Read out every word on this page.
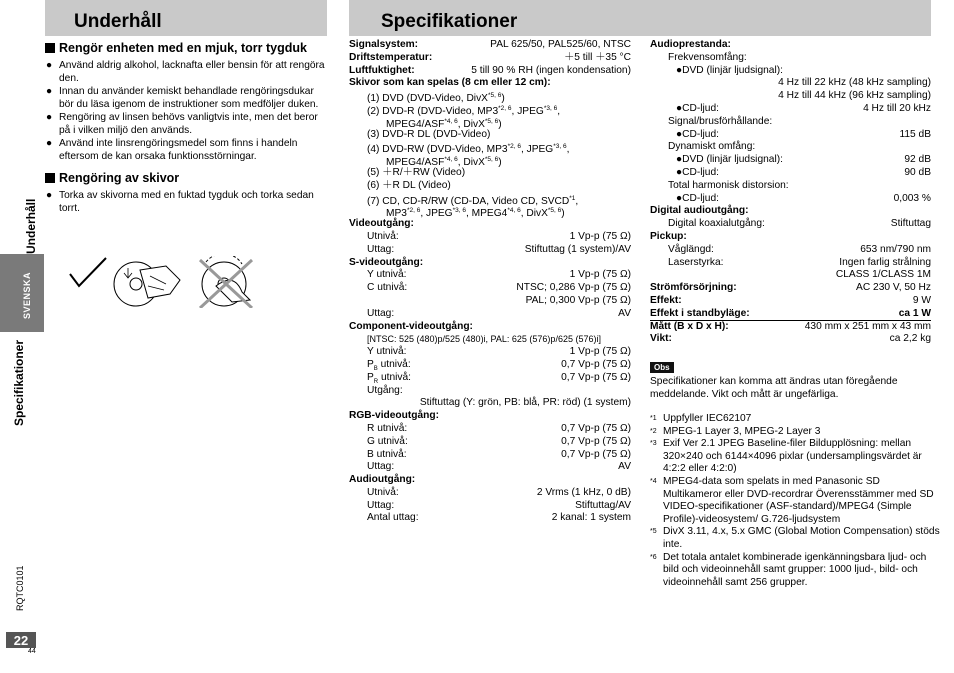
Underhåll	Specifikationer
Underhåll
SVENSKA
Specifikationer
RQTC0101
22
44
Rengör enheten med en mjuk, torr tygduk
● Använd aldrig alkohol, lacknafta eller bensin för att rengöra den.
● Innan du använder kemiskt behandlade rengöringsdukar bör du läsa igenom de instruktioner som medföljer duken.
● Rengöring av linsen behövs vanligtvis inte, men det beror på i vilken miljö den används.
● Använd inte linsrengöringsmedel som finns i handeln eftersom de kan orsaka funktionsstörningar.
Rengöring av skivor
● Torka av skivorna med en fuktad tygduk och torka sedan torrt.
Signalsystem:	PAL 625/50, PAL525/60, NTSC
Driftstemperatur:	＋5 till ＋35 °C
Luftfuktighet:	5 till 90 % RH (ingen kondensation)
Skivor som kan spelas (8 cm eller 12 cm):
(1) DVD (DVD-Video, DivX$^{*5, 6}$)
(2) DVD-R (DVD-Video, MP3$^{*2, 6}$, JPEG$^{*3, 6}$,
MPEG4/ASF$^{*4, 6}$, DivX$^{*5, 6}$)
(3) DVD-R DL (DVD-Video)
(4) DVD-RW (DVD-Video, MP3$^{*2, 6}$, JPEG$^{*3, 6}$,
MPEG4/ASF$^{*4, 6}$, DivX$^{*5, 6}$)
(5) ＋R/＋RW (Video)
(6) ＋R DL (Video)
(7) CD, CD-R/RW (CD-DA, Video CD, SVCD$^{*1}$,
MP3$^{*2, 6}$, JPEG$^{*3, 6}$, MPEG4$^{*4, 6}$, DivX$^{*5, 6}$)
Videoutgång:
Utnivå:	1 Vp-p (75 Ω)
Uttag:	Stiftuttag (1 system)/AV
S-videoutgång:
Y utnivå:	1 Vp-p (75 Ω)
C utnivå:	NTSC; 0,286 Vp-p (75 Ω)
PAL; 0,300 Vp-p (75 Ω)
Uttag:	AV
Component-videoutgång:
[NTSC: 525 (480)p/525 (480)i, PAL: 625 (576)p/625 (576)i]
Y utnivå:	1 Vp-p (75 Ω)
$P_B$ utnivå:	0,7 Vp-p (75 Ω)
$P_R$ utnivå:	0,7 Vp-p (75 Ω)
Utgång:
Stiftuttag (Y: grön, PB: blå, PR: röd) (1 system)
RGB-videoutgång:
R utnivå:	0,7 Vp-p (75 Ω)
G utnivå:	0,7 Vp-p (75 Ω)
B utnivå:	0,7 Vp-p (75 Ω)
Uttag:	AV
Audioutgång:
Utnivå:	2 Vrms (1 kHz, 0 dB)
Uttag:	Stiftuttag/AV
Antal uttag:	2 kanal: 1 system
Audioprestanda:
Frekvensomfång:
●DVD (linjär ljudsignal):
4 Hz till 22 kHz (48 kHz sampling)
4 Hz till 44 kHz (96 kHz sampling)
●CD-ljud:	4 Hz till 20 kHz
Signal/brusförhållande:
●CD-ljud:	115 dB
Dynamiskt omfång:
●DVD (linjär ljudsignal):	92 dB
●CD-ljud:	90 dB
Total harmonisk distorsion:
●CD-ljud:	0,003 %
Digital audioutgång:
Digital koaxialutgång:	Stiftuttag
Pickup:
Våglängd:	653 nm/790 nm
Laserstyrka:	Ingen farlig strålning
CLASS 1/CLASS 1M
Strömförsörjning:	AC 230 V, 50 Hz
Effekt:	9 W
Effekt i standbyläge:	ca 1 W
Mått (B x D x H):	430 mm x 251 mm x 43 mm
Vikt:	ca 2,2 kg
Obs
Specifikationer kan komma att ändras utan föregående meddelande. Vikt och mått är ungefärliga.
*1 Uppfyller IEC62107
*2 MPEG-1 Layer 3, MPEG-2 Layer 3
*3 Exif Ver 2.1 JPEG Baseline-filer Bildupplösning: mellan 320×240 och 6144×4096 pixlar (undersamplingsvärdet är 4:2:2 eller 4:2:0)
*4 MPEG4-data som spelats in med Panasonic SD Multikameror eller DVD-recordrar Överensstämmer med SD VIDEO-specifikationer (ASF-standard)/MPEG4 (Simple Profile)-videosystem/ G.726-ljudsystem
*5 DivX 3.11, 4.x, 5.x GMC (Global Motion Compensation) stöds inte.
*6 Det totala antalet kombinerade igenkänningsbara ljud- och bild och videoinnehåll samt grupper: 1000 ljud-, bild- och videoinnehåll samt 256 grupper.
